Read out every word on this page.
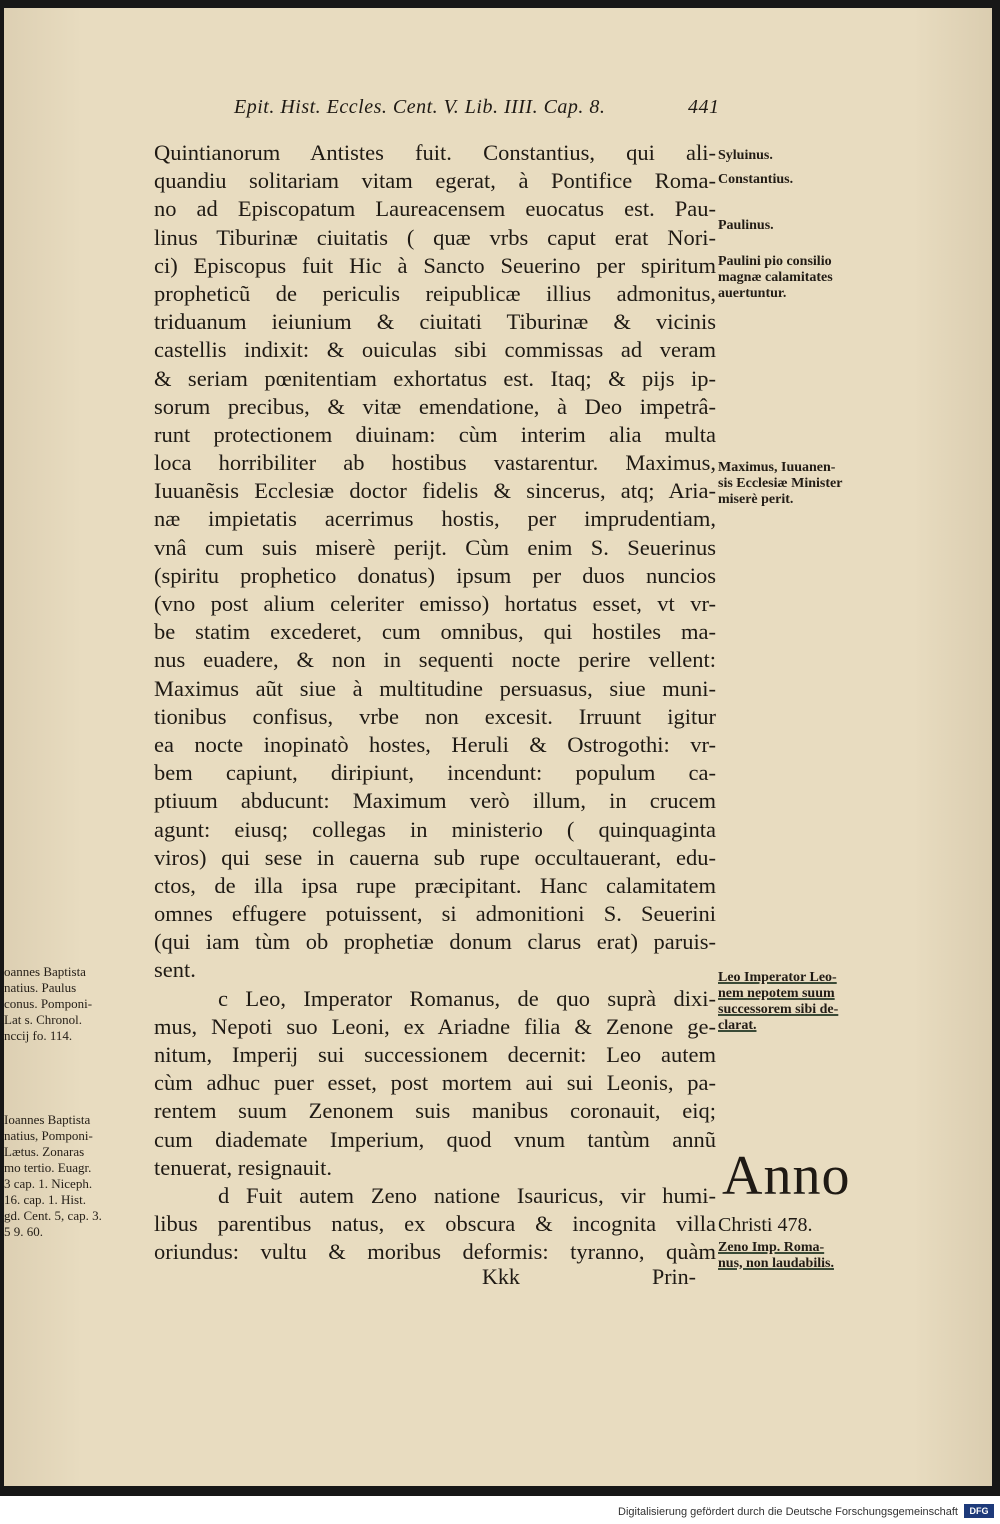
Epit. Hist. Eccles. Cent. V. Lib. IIII. Cap. 8.	441
Quintianorum Antistes fuit. Constantius, qui ali-
quandiu solitariam vitam egerat, à Pontifice Roma-
no ad Episcopatum Laureacensem euocatus est. Pau-
linus Tiburinæ ciuitatis ( quæ vrbs caput erat Nori-
ci) Episcopus fuit Hic à Sancto Seuerino per spiritum
propheticũ de periculis reipublicæ illius admonitus,
triduanum ieiunium & ciuitati Tiburinæ & vicinis
castellis indixit: & ouiculas sibi commissas ad veram
& seriam pœnitentiam exhortatus est. Itaq; & pijs ip-
sorum precibus, & vitæ emendatione, à Deo impetrâ-
runt protectionem diuinam: cùm interim alia multa
loca horribiliter ab hostibus vastarentur. Maximus,
Iuuanẽsis Ecclesiæ doctor fidelis & sincerus, atq; Aria-
næ impietatis acerrimus hostis, per imprudentiam,
vnâ cum suis miserè perijt. Cùm enim S. Seuerinus
(spiritu prophetico donatus) ipsum per duos nuncios
(vno post alium celeriter emisso) hortatus esset, vt vr-
be statim excederet, cum omnibus, qui hostiles ma-
nus euadere, & non in sequenti nocte perire vellent:
Maximus aũt siue à multitudine persuasus, siue muni-
tionibus confisus, vrbe non excesit. Irruunt igitur
ea nocte inopinatò hostes, Heruli & Ostrogothi: vr-
bem capiunt, diripiunt, incendunt: populum ca-
ptiuum abducunt: Maximum verò illum, in crucem
agunt: eiusq; collegas in ministerio ( quinquaginta
viros) qui sese in cauerna sub rupe occultauerant, edu-
ctos, de illa ipsa rupe præcipitant. Hanc calamitatem
omnes effugere potuissent, si admonitioni S. Seuerini
(qui iam tùm ob prophetiæ donum clarus erat) paruis-
sent.
c Leo, Imperator Romanus, de quo suprà dixi-
mus, Nepoti suo Leoni, ex Ariadne filia & Zenone ge-
nitum, Imperij sui successionem decernit: Leo autem
cùm adhuc puer esset, post mortem aui sui Leonis, pa-
rentem suum Zenonem suis manibus coronauit, eiq;
cum diademate Imperium, quod vnum tantùm annũ
tenuerat, resignauit.
d Fuit autem Zeno natione Isauricus, vir humi-
libus parentibus natus, ex obscura & incognita villa
oriundus: vultu & moribus deformis: tyranno, quàm
Syluinus.
Constantius.
Paulinus.
Paulini pio consilio
magnæ calamitates
auertuntur.
Maximus, Iuuanen-
sis Ecclesiæ Minister
miserè perit.
Leo Imperator Leo-
nem nepotem suum
successorem sibi de-
clarat.
Anno
Christi 478.
Zeno Imp. Roma-
nus, non laudabilis.
oannes Baptista
natius. Paulus
conus. Pomponi-
Lat s. Chronol.
nccij fo. 114.
Ioannes Baptista
natius, Pomponi-
Lætus. Zonaras
mo tertio. Euagr.
3 cap. 1. Niceph.
16. cap. 1. Hist.
gd. Cent. 5, cap. 3.
5 9. 60.
Kkk	Prin-
Digitalisierung gefördert durch die Deutsche Forschungsgemeinschaft	DFG
